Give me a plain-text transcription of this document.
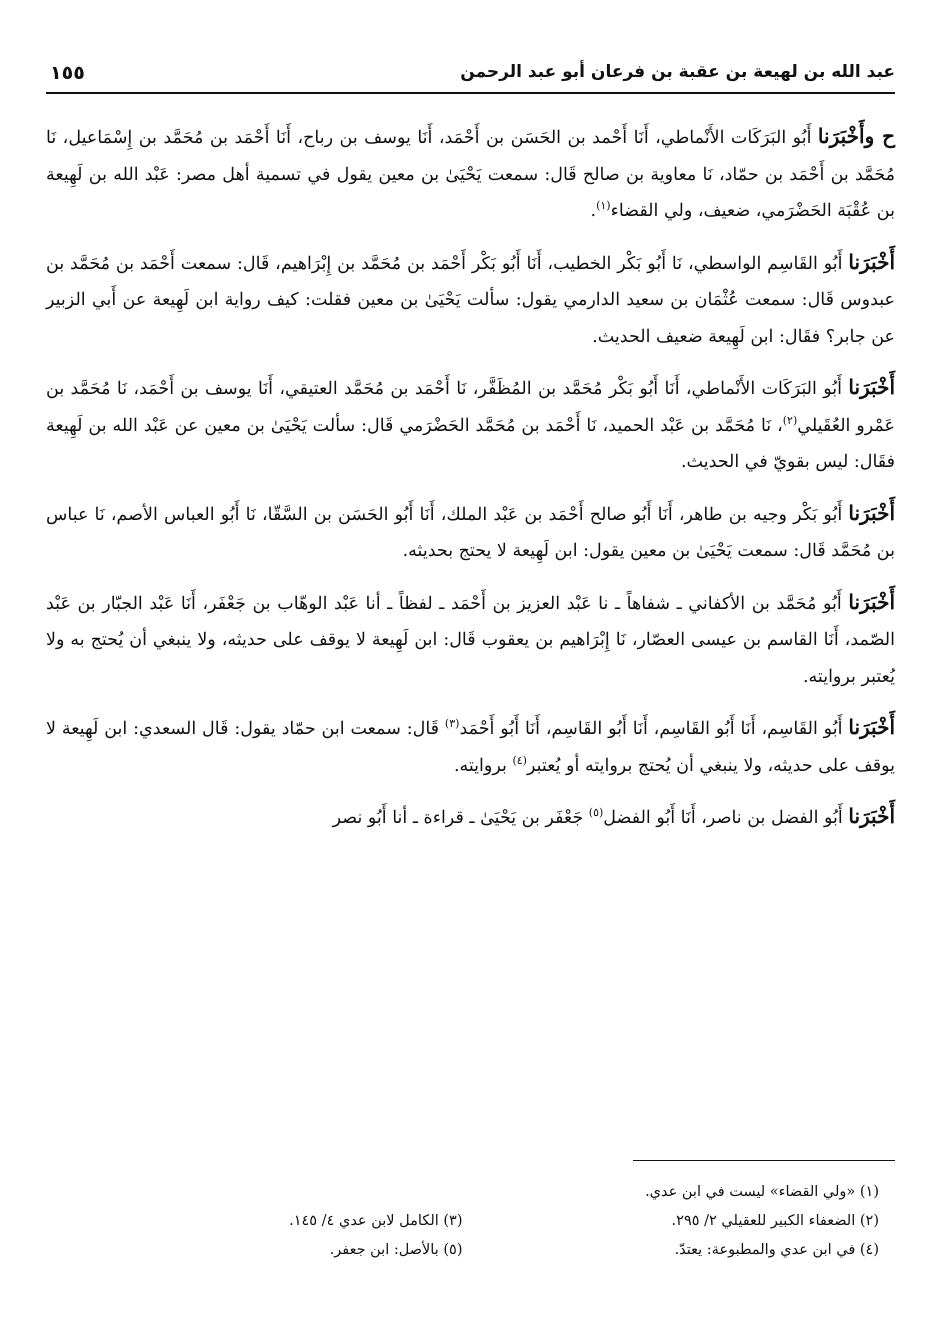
عبد الله بن لهيعة بن عقبة بن فرعان أبو عبد الرحمن
١٥٥

ح وأَخْبَرَنا أَبُو البَرَكَات الأَنْماطي، أَنَا أَحْمد بن الحَسَن بن أَحْمَد، أَنَا يوسف بن رباح، أَنَا أَحْمَد بن مُحَمَّد بن إِسْمَاعيل، نَا مُحَمَّد بن أَحْمَد بن حمّاد، نَا معاوية بن صالح قَال: سمعت يَحْيَىٰ بن معين يقول في تسمية أهل مصر: عَبْد الله بن لَهِيعة بن عُقْبَة الحَضْرَمي، ضعيف، ولي القضاء$^{(١)}$.

أَخْبَرَنا أَبُو القَاسِم الواسطي، نَا أَبُو بَكْر الخطيب، أَنَا أَبُو بَكْر أَحْمَد بن مُحَمَّد بن إِبْرَاهيم، قَال: سمعت أَحْمَد بن مُحَمَّد بن عبدوس قَال: سمعت عُثْمَان بن سعيد الدارمي يقول: سألت يَحْيَىٰ بن معين فقلت: كيف رواية ابن لَهِيعة عن أَبي الزبير عن جابر؟ فقَال: ابن لَهِيعة ضعيف الحديث.

أَخْبَرَنا أَبُو البَرَكَات الأَنْماطي، أَنَا أَبُو بَكْر مُحَمَّد بن المُظَفَّر، نَا أَحْمَد بن مُحَمَّد العتيقي، أَنَا يوسف بن أَحْمَد، نَا مُحَمَّد بن عَمْرو العُقَيلي$^{(٢)}$، نَا مُحَمَّد بن عَبْد الحميد، نَا أَحْمَد بن مُحَمَّد الحَضْرَمي قَال: سألت يَحْيَىٰ بن معين عن عَبْد الله بن لَهِيعة فقَال: ليس بقويّ في الحديث.

أَخْبَرَنا أَبُو بَكْر وجيه بن طاهر، أَنَا أَبُو صالح أَحْمَد بن عَبْد الملك، أَنَا أَبُو الحَسَن بن السَّقّا، نَا أَبُو العباس الأصم، نَا عباس بن مُحَمَّد قَال: سمعت يَحْيَىٰ بن معين يقول: ابن لَهِيعة لا يحتج بحديثه.

أَخْبَرَنا أَبُو مُحَمَّد بن الأكفاني ـ شفاهاً ـ نا عَبْد العزيز بن أَحْمَد ـ لفظاً ـ أنا عَبْد الوهّاب بن جَعْفَر، أَنَا عَبْد الجبّار بن عَبْد الصّمد، أَنَا القاسم بن عيسى العصّار، نَا إِبْرَاهيم بن يعقوب قَال: ابن لَهِيعة لا يوقف على حديثه، ولا ينبغي أن يُحتج به ولا يُعتبر بروايته.

أَخْبَرَنا أَبُو القَاسِم، أَنَا أَبُو القَاسِم، أَنَا أَبُو القَاسِم، أَنَا أَبُو أَحْمَد$^{(٣)}$ قَال: سمعت ابن حمّاد يقول: قَال السعدي: ابن لَهِيعة لا يوقف على حديثه، ولا ينبغي أن يُحتج بروايته أو يُعتبر$^{(٤)}$ بروايته.

أَخْبَرَنا أَبُو الفضل بن ناصر، أَنَا أَبُو الفضل$^{(٥)}$ جَعْفَر بن يَحْيَىٰ ـ قراءة ـ أنا أَبُو نصر

(١) «ولي القضاء» ليست في ابن عدي.
(٢) الضعفاء الكبير للعقيلي ٢/ ٢٩٥.
(٣) الكامل لابن عدي ٤/ ١٤٥.
(٤) في ابن عدي والمطبوعة: يعتدّ.
(٥) بالأصل: ابن جعفر.
